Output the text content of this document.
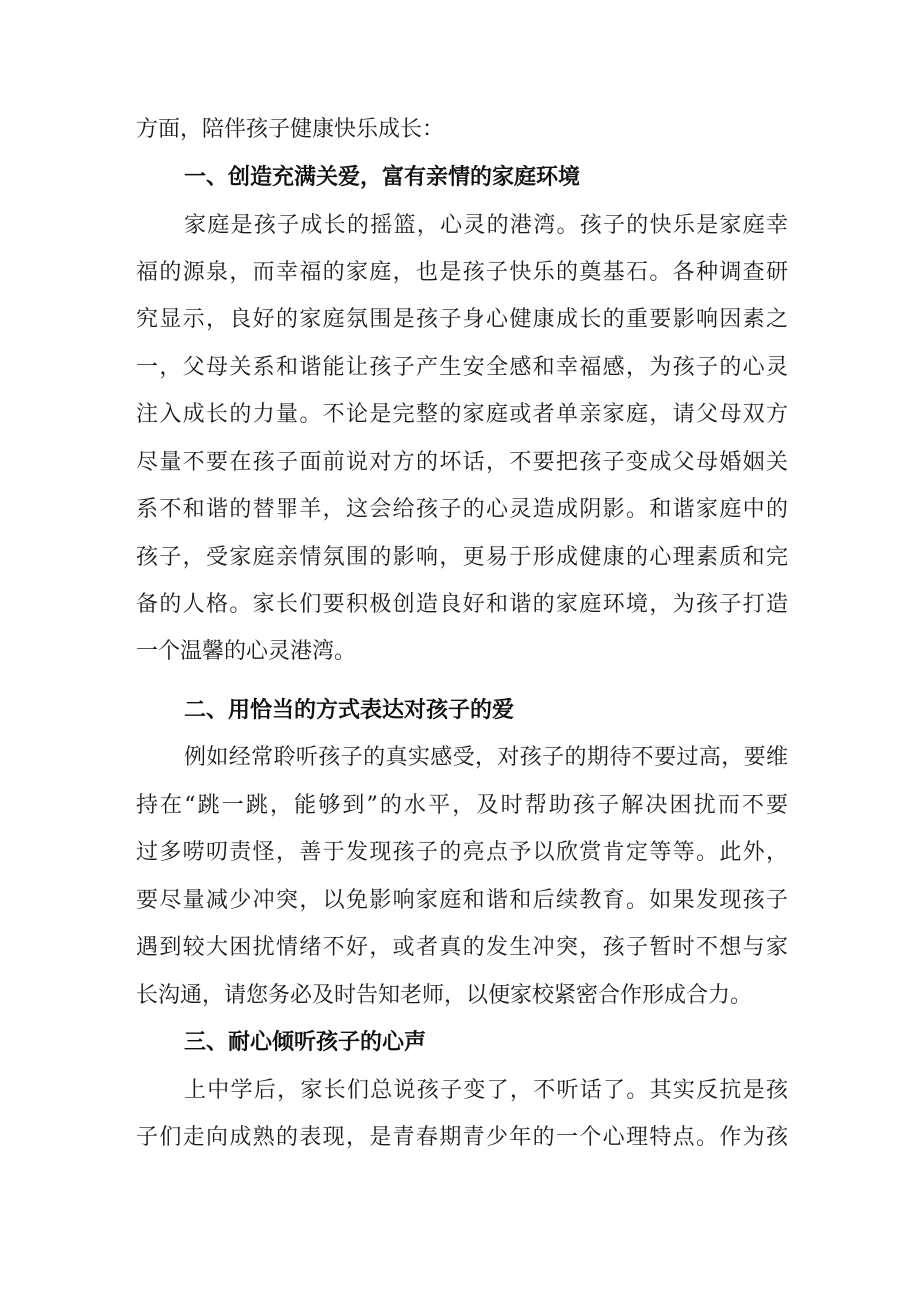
方面，陪伴孩子健康快乐成长：
一、创造充满关爱，富有亲情的家庭环境
家庭是孩子成长的摇篮，心灵的港湾。孩子的快乐是家庭幸
福的源泉，而幸福的家庭，也是孩子快乐的奠基石。各种调查研
究显示，良好的家庭氛围是孩子身心健康成长的重要影响因素之
一，父母关系和谐能让孩子产生安全感和幸福感，为孩子的心灵
注入成长的力量。不论是完整的家庭或者单亲家庭，请父母双方
尽量不要在孩子面前说对方的坏话，不要把孩子变成父母婚姻关
系不和谐的替罪羊，这会给孩子的心灵造成阴影。和谐家庭中的
孩子，受家庭亲情氛围的影响，更易于形成健康的心理素质和完
备的人格。家长们要积极创造良好和谐的家庭环境，为孩子打造
一个温馨的心灵港湾。
二、用恰当的方式表达对孩子的爱
例如经常聆听孩子的真实感受，对孩子的期待不要过高，要维
持在“跳一跳，能够到”的水平，及时帮助孩子解决困扰而不要
过多唠叨责怪，善于发现孩子的亮点予以欣赏肯定等等。此外，
要尽量减少冲突，以免影响家庭和谐和后续教育。如果发现孩子
遇到较大困扰情绪不好，或者真的发生冲突，孩子暂时不想与家
长沟通，请您务必及时告知老师，以便家校紧密合作形成合力。
三、耐心倾听孩子的心声
上中学后，家长们总说孩子变了，不听话了。其实反抗是孩
子们走向成熟的表现，是青春期青少年的一个心理特点。作为孩
